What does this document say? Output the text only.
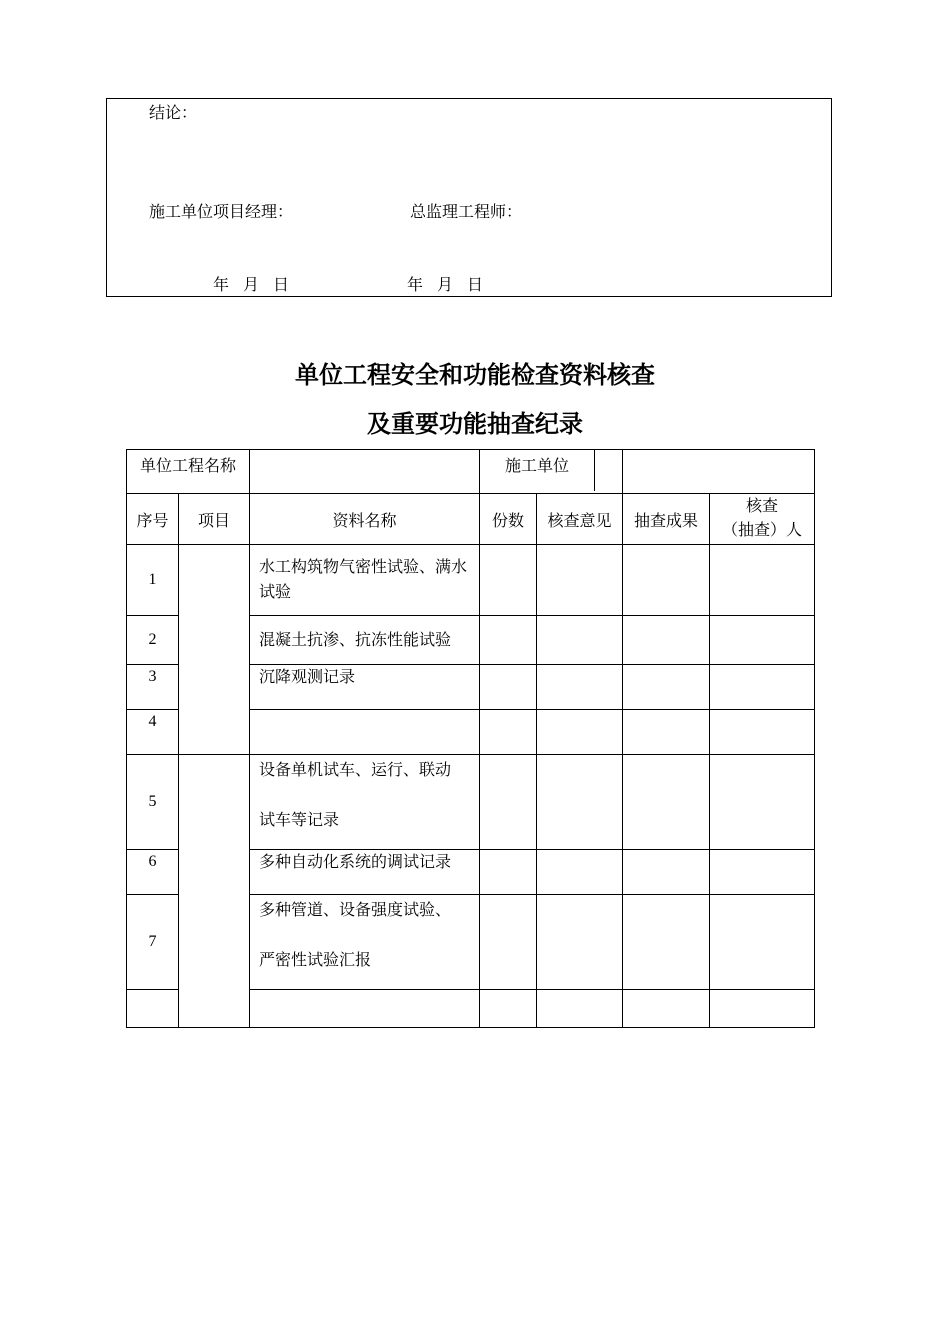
结论：
施工单位项目经理：	总监理工程师：
年 月 日	年 月 日
单位工程安全和功能检查资料核查
及重要功能抽查纪录
单位工程名称			施工单位			

序号	项目	资料名称	份数	核查意见	抽查成果	核查
（抽查）人

1		水工构筑物气密性试验、满水试验				
2		混凝土抗渗、抗冻性能试验				
3		沉降观测记录				
4						
5		设备单机试车、运行、联动
试车等记录				

6		多种自动化系统的调试记录				
7		多种管道、设备强度试验、
严密性试验汇报				
